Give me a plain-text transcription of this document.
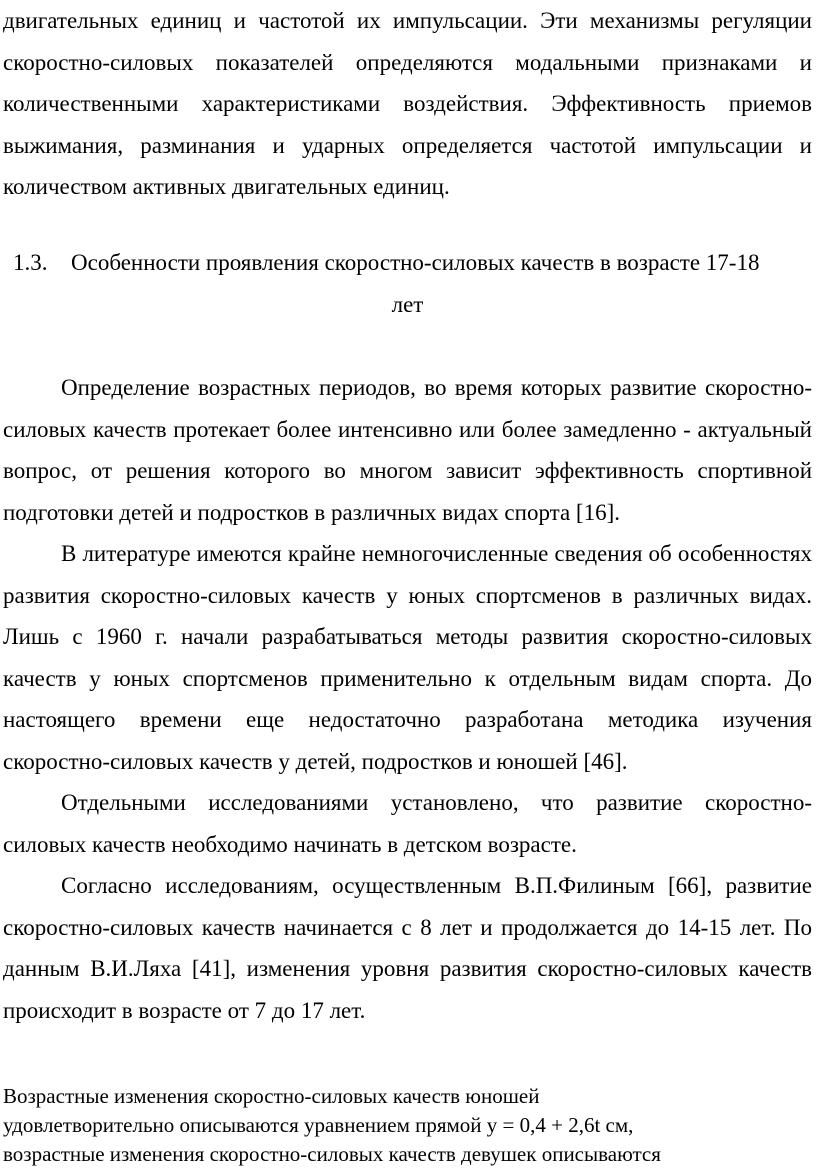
двигательных единиц и частотой их импульсации. Эти механизмы регуляции скоростно-силовых показателей определяются модальными признаками и количественными характеристиками воздействия. Эффективность приемов выжимания, разминания и ударных определяется частотой импульсации и количеством активных двигательных единиц.

1.3.	Особенности проявления скоростно-силовых качеств в возрасте 17-18
лет

Определение возрастных периодов, во время которых развитие скоростно-силовых качеств протекает более интенсивно или более замедленно - актуальный вопрос, от решения которого во многом зависит эффективность спортивной подготовки детей и подростков в различных видах спорта [16].

В литературе имеются крайне немногочисленные сведения об особенностях развития скоростно-силовых качеств у юных спортсменов в различных видах. Лишь с 1960 г. начали разрабатываться методы развития скоростно-силовых качеств у юных спортсменов применительно к отдельным видам спорта. До настоящего времени еще недостаточно разработана методика изучения скоростно-силовых качеств у детей, подростков и юношей [46].

Отдельными исследованиями установлено, что развитие скоростно-силовых качеств необходимо начинать в детском возрасте.

Согласно исследованиям, осуществленным В.П.Филиным [66], развитие скоростно-силовых качеств начинается с 8 лет и продолжается до 14-15 лет. По данным В.И.Ляха [41], изменения уровня развития скоростно-силовых качеств происходит в возрасте от 7 до 17 лет.

Возрастные изменения скоростно-силовых качеств юношей

удовлетворительно описываются уравнением прямой y = 0,4 + 2,6t см,

возрастные изменения скоростно-силовых качеств девушек описываются
